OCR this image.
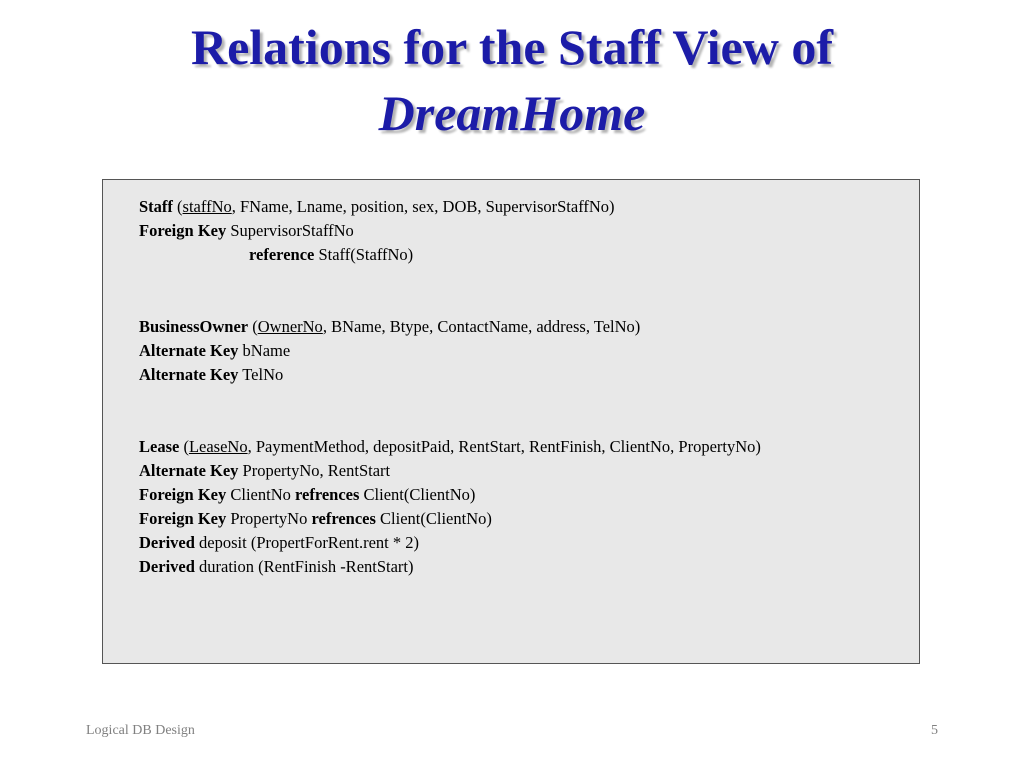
Relations for the Staff View of
DreamHome
Staff (staffNo, FName, Lname, position, sex, DOB, SupervisorStaffNo)
Foreign Key SupervisorStaffNo
reference Staff(StaffNo)
BusinessOwner (OwnerNo, BName, Btype, ContactName, address, TelNo)
Alternate Key bName
Alternate Key TelNo
Lease (LeaseNo, PaymentMethod, depositPaid, RentStart, RentFinish, ClientNo, PropertyNo)
Alternate Key PropertyNo, RentStart
Foreign Key ClientNo refrences Client(ClientNo)
Foreign Key PropertyNo refrences Client(ClientNo)
Derived deposit (PropertForRent.rent * 2)
Derived duration (RentFinish -RentStart)
Logical DB Design	5
